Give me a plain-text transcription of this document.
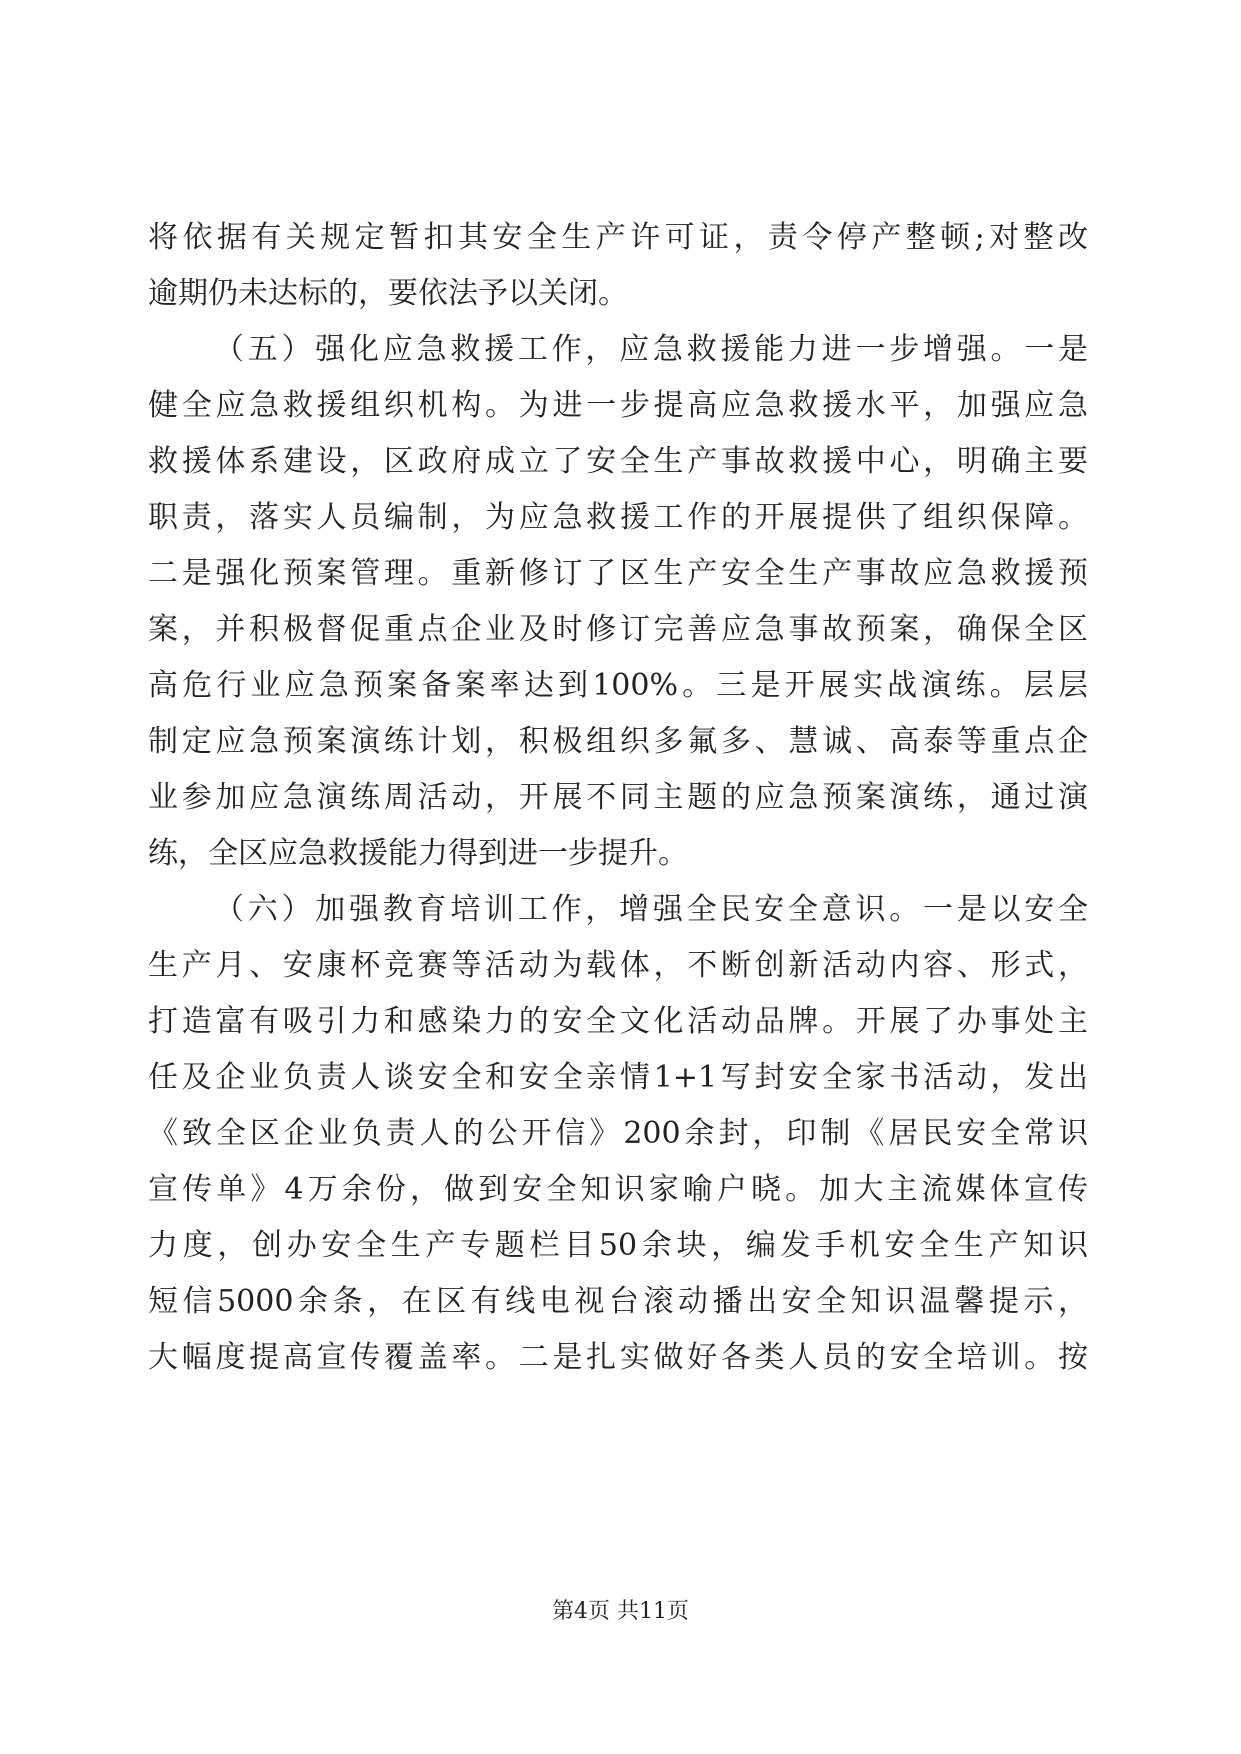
将依据有关规定暂扣其安全生产许可证，责令停产整顿;对整改
逾期仍未达标的，要依法予以关闭。
（五）强化应急救援工作，应急救援能力进一步增强。一是
健全应急救援组织机构。为进一步提高应急救援水平，加强应急
救援体系建设，区政府成立了安全生产事故救援中心，明确主要
职责，落实人员编制，为应急救援工作的开展提供了组织保障。
二是强化预案管理。重新修订了区生产安全生产事故应急救援预
案，并积极督促重点企业及时修订完善应急事故预案，确保全区
高危行业应急预案备案率达到100%。三是开展实战演练。层层
制定应急预案演练计划，积极组织多氟多、慧诚、高泰等重点企
业参加应急演练周活动，开展不同主题的应急预案演练，通过演
练，全区应急救援能力得到进一步提升。
（六）加强教育培训工作，增强全民安全意识。一是以安全
生产月、安康杯竞赛等活动为载体，不断创新活动内容、形式，
打造富有吸引力和感染力的安全文化活动品牌。开展了办事处主
任及企业负责人谈安全和安全亲情1+1写封安全家书活动，发出
《致全区企业负责人的公开信》200余封，印制《居民安全常识
宣传单》4万余份，做到安全知识家喻户晓。加大主流媒体宣传
力度，创办安全生产专题栏目50余块，编发手机安全生产知识
短信5000余条，在区有线电视台滚动播出安全知识温馨提示，
大幅度提高宣传覆盖率。二是扎实做好各类人员的安全培训。按
第4页 共11页
